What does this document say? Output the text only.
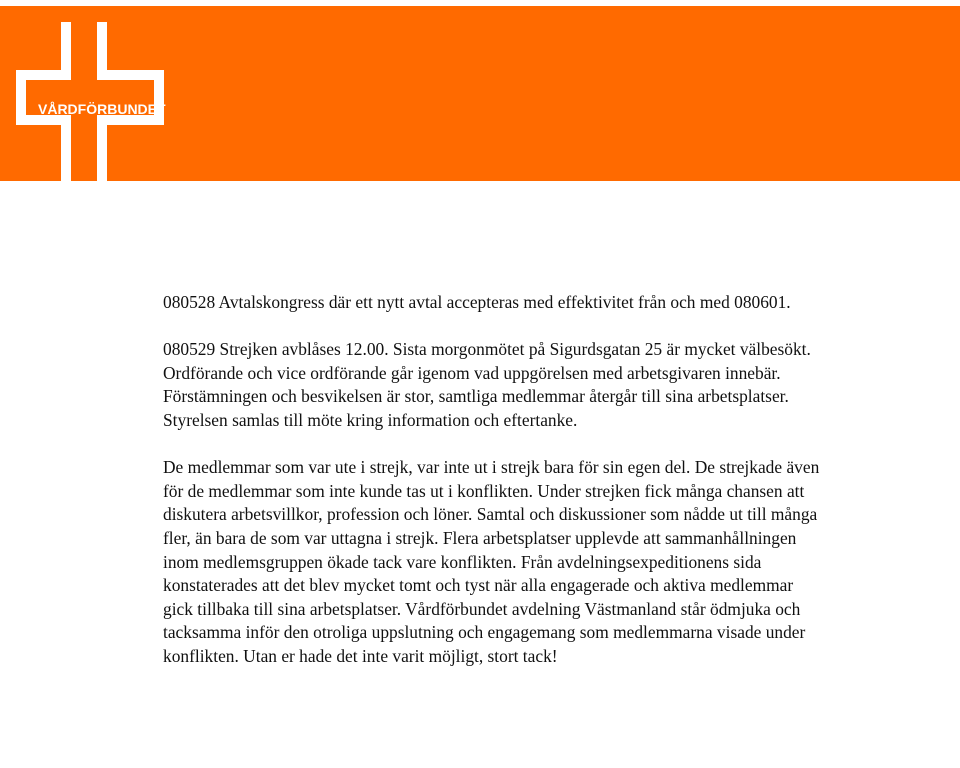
VÅRDFÖRBUNDET

080528 Avtalskongress där ett nytt avtal accepteras med effektivitet från och med 080601.

080529 Strejken avblåses 12.00. Sista morgonmötet på Sigurdsgatan 25 är mycket välbesökt. Ordförande och vice ordförande går igenom vad uppgörelsen med arbetsgivaren innebär. Förstämningen och besvikelsen är stor, samtliga medlemmar återgår till sina arbetsplatser. Styrelsen samlas till möte kring information och eftertanke.

De medlemmar som var ute i strejk, var inte ut i strejk bara för sin egen del. De strejkade även för de medlemmar som inte kunde tas ut i konflikten. Under strejken fick många chansen att diskutera arbetsvillkor, profession och löner. Samtal och diskussioner som nådde ut till många fler, än bara de som var uttagna i strejk. Flera arbetsplatser upplevde att sammanhållningen inom medlemsgruppen ökade tack vare konflikten. Från avdelningsexpeditionens sida konstaterades att det blev mycket tomt och tyst när alla engagerade och aktiva medlemmar gick tillbaka till sina arbetsplatser. Vårdförbundet avdelning Västmanland står ödmjuka och tacksamma inför den otroliga uppslutning och engagemang som medlemmarna visade under konflikten. Utan er hade det inte varit möjligt, stort tack!
